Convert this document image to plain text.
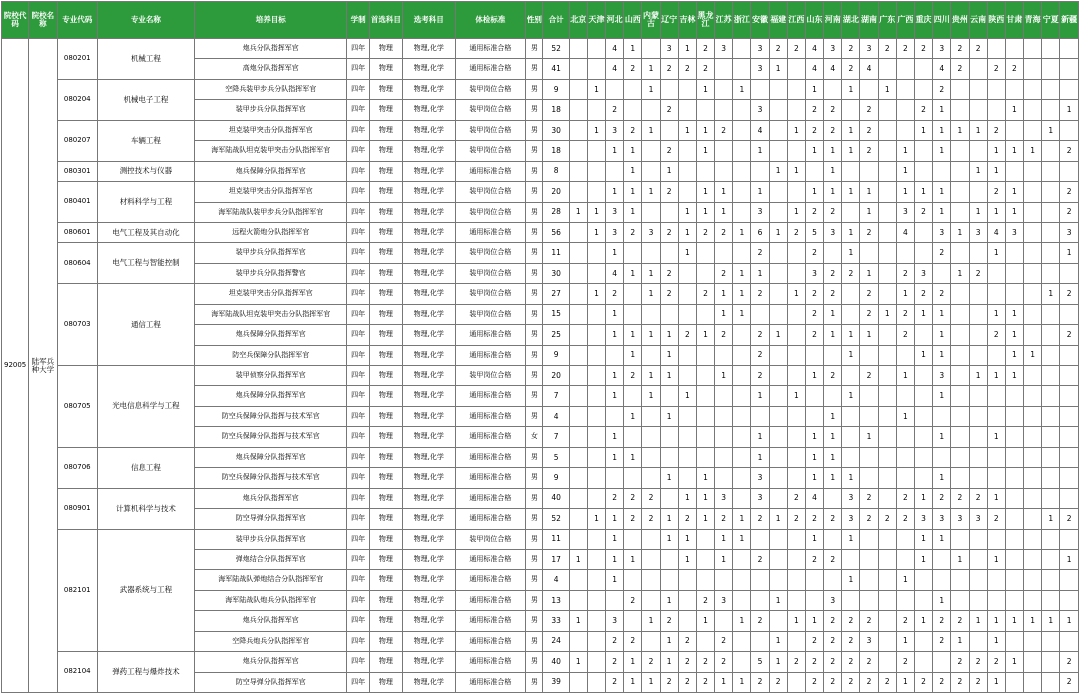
院校代码	院校名称	专业代码	专业名称	培养目标	学制	首选科目	选考科目	体检标准	性别	合计	北京	天津	河北	山西	内蒙古	辽宁	吉林	黑龙江	江苏	浙江	安徽	福建	江西	山东	河南	湖北	湖南	广东	广西	重庆	四川	贵州	云南	陕西	甘肃	青海	宁夏	新疆
92005	陆军兵种大学	080201	机械工程	炮兵分队指挥军官	四年	物理	物理,化学	通用标准合格	男	52			4	1		3	1	2	3		3	2	2	4	3	2	3	2	2	2	3	2	2					
				高炮分队指挥军官	四年	物理	物理,化学	通用标准合格	男	41			4	2	1	2	2	2			3	1		4	4	2	4				4	2		2	2			
		080204	机械电子工程	空降兵装甲步兵分队指挥军官	四年	物理	物理,化学	装甲岗位合格	男	9		1			1			1		1				1		1		1			2							
				装甲步兵分队指挥军官	四年	物理	物理,化学	装甲岗位合格	男	18			2			2					3			2	2		2			2	1				1			1
		080207	车辆工程	坦克装甲突击分队指挥军官	四年	物理	物理,化学	装甲岗位合格	男	30		1	3	2	1		1	1	2		4		1	2	2	1	2			1	1	1	1	2			1	
				海军陆战队坦克装甲突击分队指挥军官	四年	物理	物理,化学	装甲岗位合格	男	18			1	1		2		1			1			1	1	1	2		1		1			1	1	1		2
		080301	测控技术与仪器	炮兵保障分队指挥军官	四年	物理	物理,化学	通用标准合格	男	8				1		1						1	1		1				1				1	1				
		080401	材料科学与工程	坦克装甲突击分队指挥军官	四年	物理	物理,化学	装甲岗位合格	男	20			1	1	1	2		1	1		1			1	1	1	1		1	1	1			2	1			2
				海军陆战队装甲步兵分队指挥军官	四年	物理	物理,化学	装甲岗位合格	男	28	1	1	3	1			1	1	1		3		1	2	2		1		3	2	1		1	1	1			2
		080601	电气工程及其自动化	远程火箭炮分队指挥军官	四年	物理	物理,化学	通用标准合格	男	56		1	3	2	3	2	1	2	2	1	6	1	2	5	3	1	2		4		3	1	3	4	3			3
		080604	电气工程与智能控制	装甲步兵分队指挥军官	四年	物理	物理,化学	装甲岗位合格	男	11			1				1				2			2		1					2			1				1
				装甲步兵分队指挥警官	四年	物理	物理,化学	装甲岗位合格	男	30			4	1	1	2			2	1	1			3	2	2	1		2	3		1	2					
		080703	通信工程	坦克装甲突击分队指挥军官	四年	物理	物理,化学	装甲岗位合格	男	27		1	2		1	2		2	1	1	2		1	2	2		2		1	2	2						1	2
				海军陆战队坦克装甲突击分队指挥军官	四年	物理	物理,化学	装甲岗位合格	男	15			1						1	1				2	1		2	1	2	1	1			1	1			
				炮兵保障分队指挥军官	四年	物理	物理,化学	通用标准合格	男	25			1	1	1	1	2	1	2		2	1		2	1	1	1		2		1			2	1			2
				防空兵保障分队指挥军官	四年	物理	物理,化学	通用标准合格	男	9				1		1					2					1				1	1				1	1		
		080705	光电信息科学与工程	装甲侦察分队指挥军官	四年	物理	物理,化学	装甲岗位合格	男	20			1	2	1	1			1		2			1	2		2		1		3		1	1	1			
				炮兵保障分队指挥军官	四年	物理	物理,化学	通用标准合格	男	7			1		1		1				1		1			1					1							
				防空兵保障分队指挥与技术军官	四年	物理	物理,化学	通用标准合格	男	4				1		1									1				1									
				防空兵保障分队指挥与技术军官	四年	物理	物理,化学	通用标准合格	女	7			1								1			1	1		1				1			1				
		080706	信息工程	炮兵保障分队指挥军官	四年	物理	物理,化学	通用标准合格	男	5			1	1							1			1	1													
				防空兵保障分队指挥与技术军官	四年	物理	物理,化学	通用标准合格	男	9						1		1			3			1	1	1					1							
		080901	计算机科学与技术	炮兵分队指挥军官	四年	物理	物理,化学	通用标准合格	男	40			2	2	2		1	1	3		3		2	4		3	2		2	1	2	2	2	1				
				防空导弹分队指挥军官	四年	物理	物理,化学	通用标准合格	男	52		1	1	2	2	1	2	1	2	1	2	1	2	2	2	3	2	2	2	3	3	3	3	2			1	2
		082101	武器系统与工程	装甲步兵分队指挥军官	四年	物理	物理,化学	装甲岗位合格	男	11			1			1	1		1	1				1		1				1	1							
				弹炮结合分队指挥军官	四年	物理	物理,化学	通用标准合格	男	17	1		1	1			1		1		2			2	2					1		1		1				1
				海军陆战队弹炮结合分队指挥军官	四年	物理	物理,化学	通用标准合格	男	4			1													1			1									
				海军陆战队炮兵分队指挥军官	四年	物理	物理,化学	通用标准合格	男	13				2		1		2	3			1			3						1							
				炮兵分队指挥军官	四年	物理	物理,化学	通用标准合格	男	33	1		3		1	2		1		1	2		1	1	2	2	2		2	1	2	2	1	1	1	1	1	1
				空降兵炮兵分队指挥军官	四年	物理	物理,化学	通用标准合格	男	24			2	2		1	2		2			1		2	2	2	3		1		2	1		1				
		082104	弹药工程与爆炸技术	炮兵分队指挥军官	四年	物理	物理,化学	通用标准合格	男	40	1		2	1	2	1	2	2	2		5	1	2	2	2	2	2		2			2	2	2	1			2
				防空导弹分队指挥军官	四年	物理	物理,化学	通用标准合格	男	39			2	1	1	2	2	2	1	1	2	2		2	2	2	2	2	1	2	2	2	2	1				2
